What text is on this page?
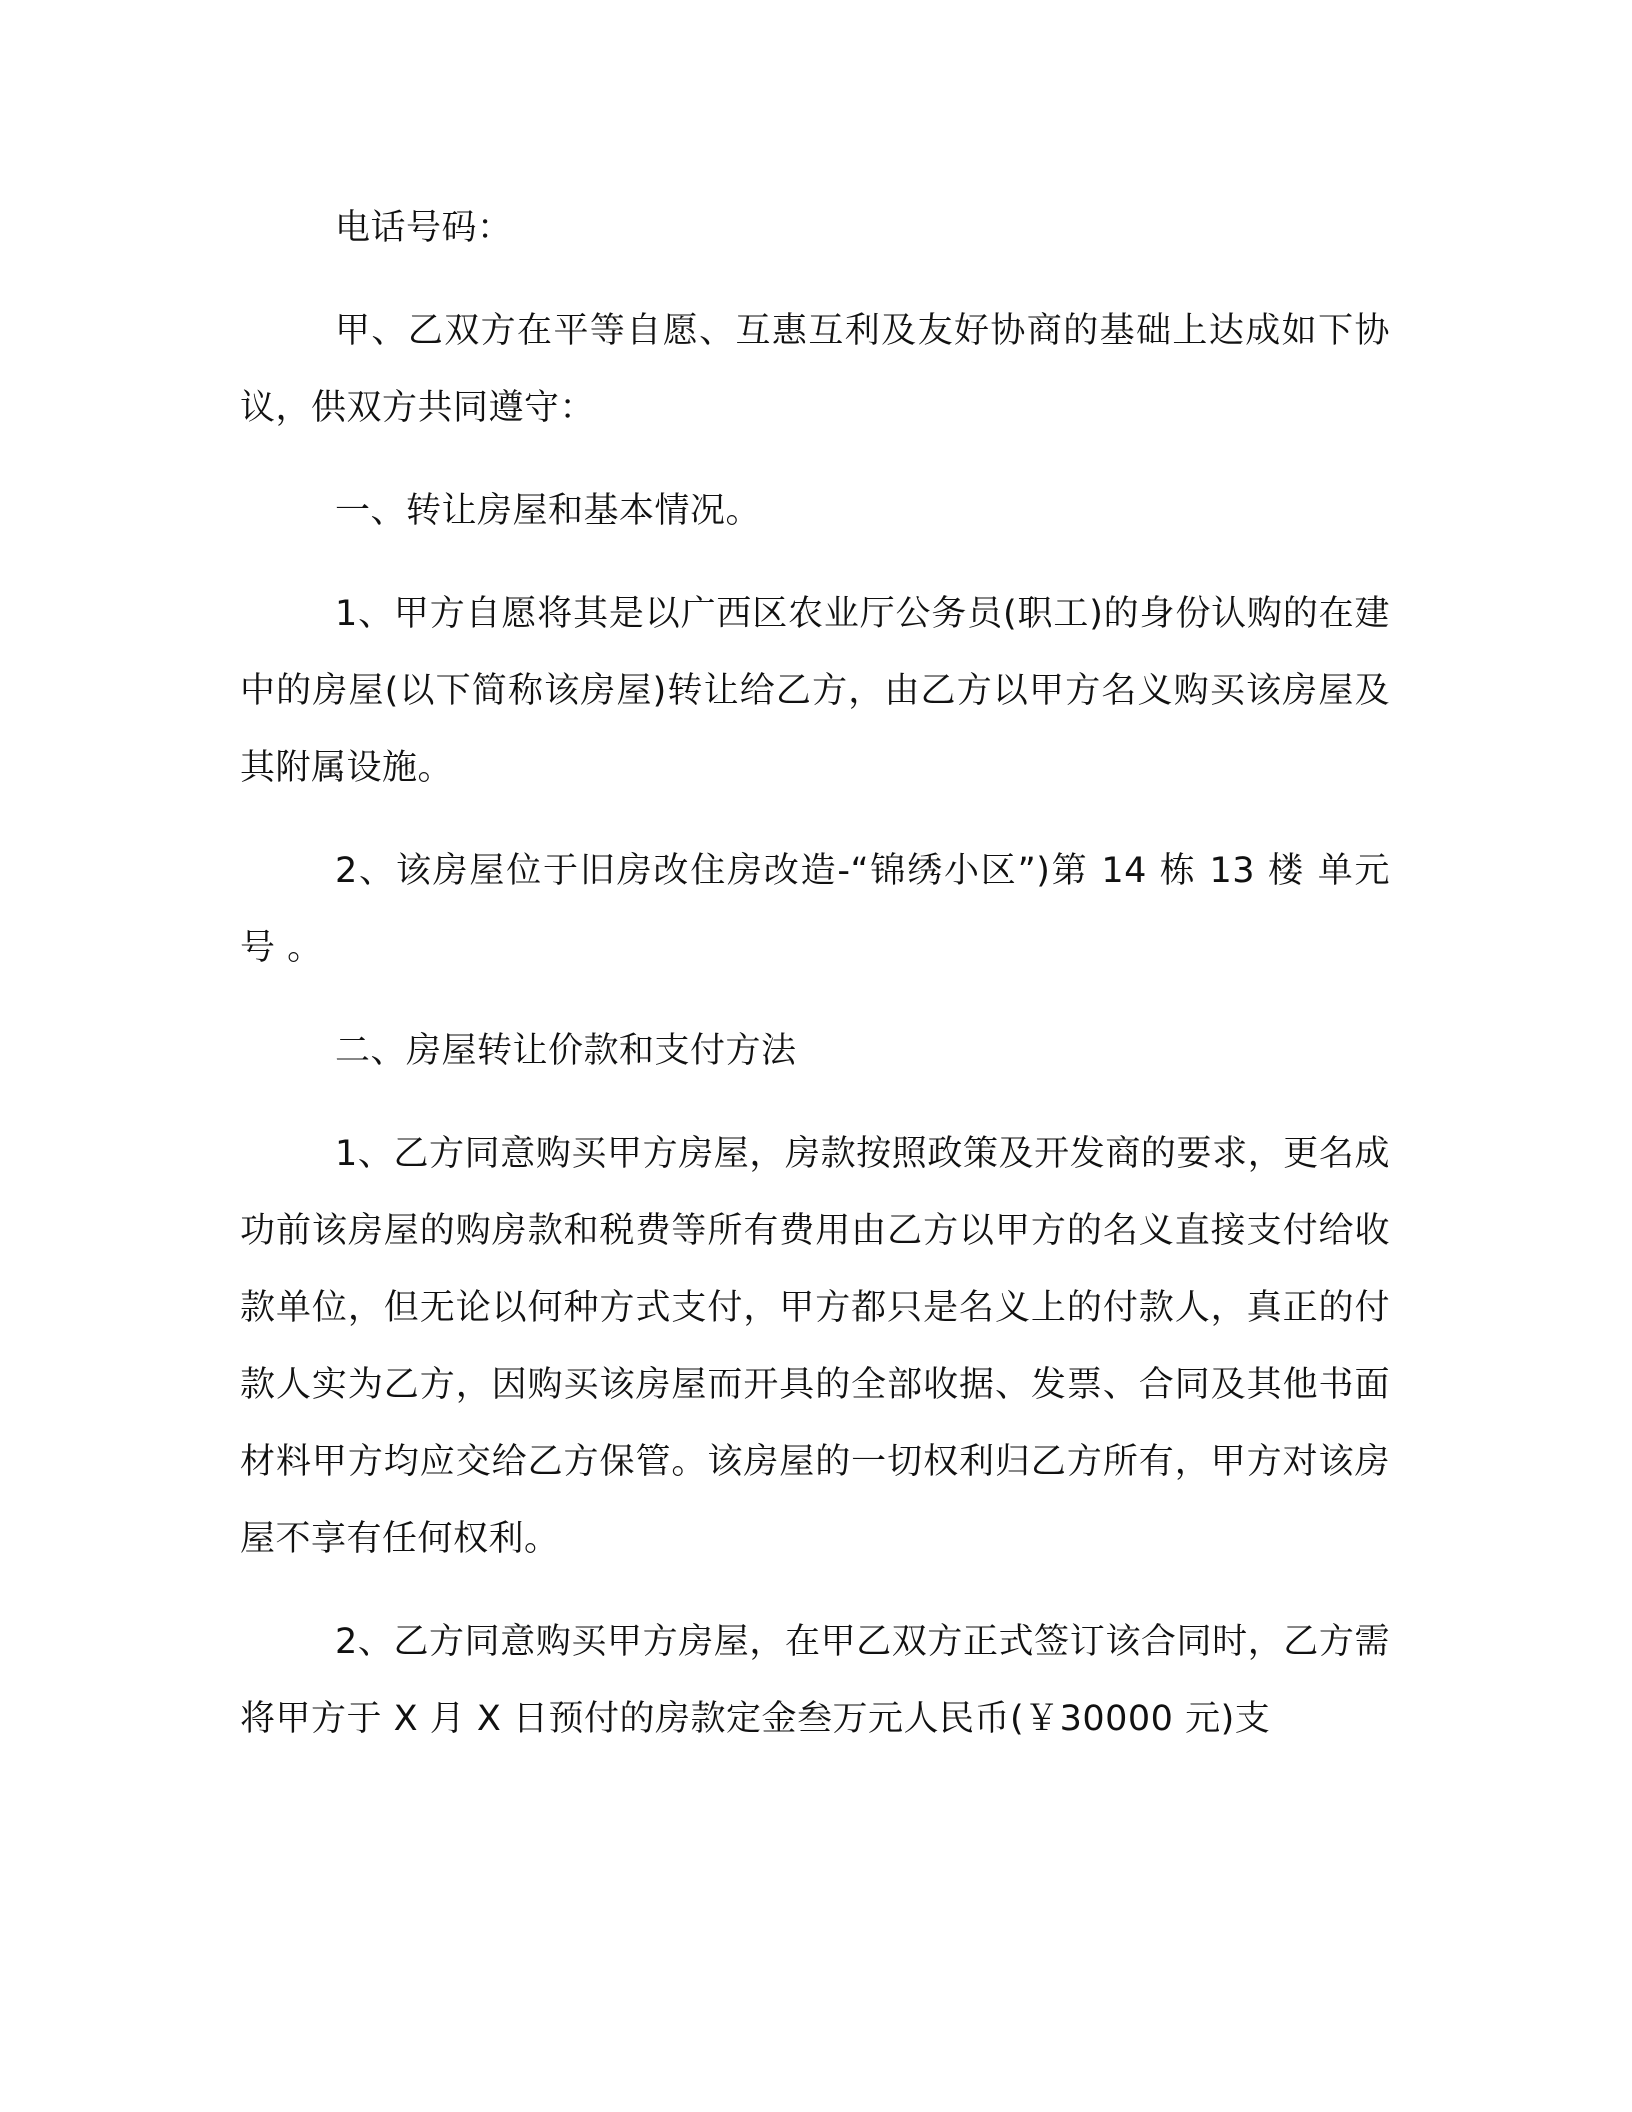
电话号码：

甲、乙双方在平等自愿、互惠互利及友好协商的基础上达成如下协议，供双方共同遵守：

一、转让房屋和基本情况。

1、甲方自愿将其是以广西区农业厅公务员(职工)的身份认购的在建中的房屋(以下简称该房屋)转让给乙方，由乙方以甲方名义购买该房屋及其附属设施。

2、该房屋位于旧房改住房改造-“锦绣小区”)第 14 栋 13 楼 单元 号 。

二、房屋转让价款和支付方法

1、乙方同意购买甲方房屋，房款按照政策及开发商的要求，更名成功前该房屋的购房款和税费等所有费用由乙方以甲方的名义直接支付给收款单位，但无论以何种方式支付，甲方都只是名义上的付款人，真正的付款人实为乙方，因购买该房屋而开具的全部收据、发票、合同及其他书面材料甲方均应交给乙方保管。该房屋的一切权利归乙方所有，甲方对该房屋不享有任何权利。

2、乙方同意购买甲方房屋，在甲乙双方正式签订该合同时，乙方需将甲方于 X 月 X 日预付的房款定金叁万元人民币(￥30000 元)支
